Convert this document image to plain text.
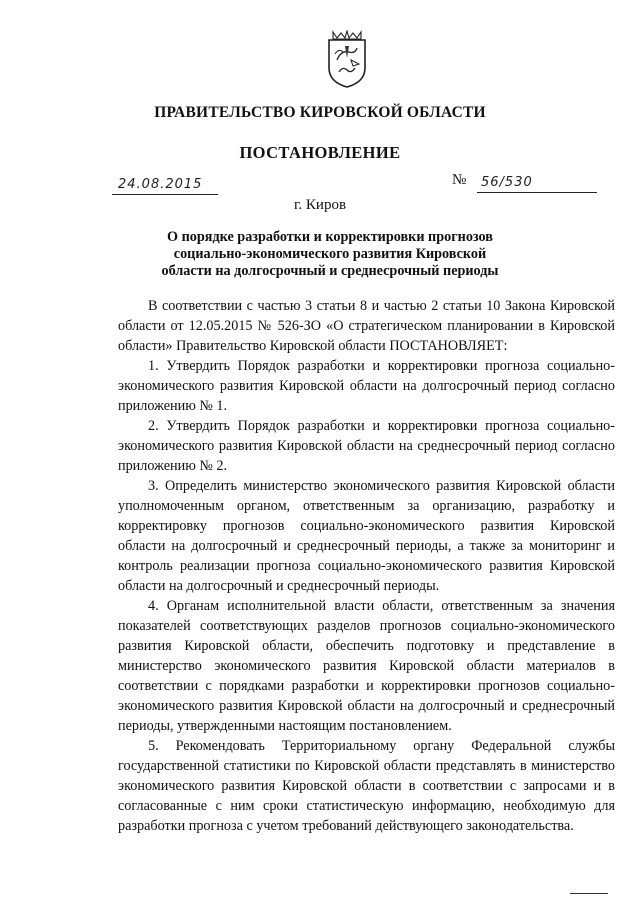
ПРАВИТЕЛЬСТВО КИРОВСКОЙ ОБЛАСТИ
ПОСТАНОВЛЕНИЕ
24.08.2015	№ 56/530
г. Киров
О порядке разработки и корректировки прогнозов социально-экономического развития Кировской области на долгосрочный и среднесрочный периоды

В соответствии с частью 3 статьи 8 и частью 2 статьи 10 Закона Кировской области от 12.05.2015 № 526-ЗО «О стратегическом планировании в Кировской области» Правительство Кировской области ПОСТАНОВЛЯЕТ:

1. Утвердить Порядок разработки и корректировки прогноза социально-экономического развития Кировской области на долгосрочный период согласно приложению № 1.

2. Утвердить Порядок разработки и корректировки прогноза социально-экономического развития Кировской области на среднесрочный период согласно приложению № 2.

3. Определить министерство экономического развития Кировской области уполномоченным органом, ответственным за организацию, разработку и корректировку прогнозов социально-экономического развития Кировской области на долгосрочный и среднесрочный периоды, а также за мониторинг и контроль реализации прогноза социально-экономического развития Кировской области на долгосрочный и среднесрочный периоды.

4. Органам исполнительной власти области, ответственным за значения показателей соответствующих разделов прогнозов социально-экономического развития Кировской области, обеспечить подготовку и представление в министерство экономического развития Кировской области материалов в соответствии с порядками разработки и корректировки прогнозов социально-экономического развития Кировской области на долгосрочный и среднесрочный периоды, утвержденными настоящим постановлением.

5. Рекомендовать Территориальному органу Федеральной службы государственной статистики по Кировской области представлять в министерство экономического развития Кировской области в соответствии с запросами и в согласованные с ним сроки статистическую информацию, необходимую для разработки прогноза с учетом требований действующего законодательства.
